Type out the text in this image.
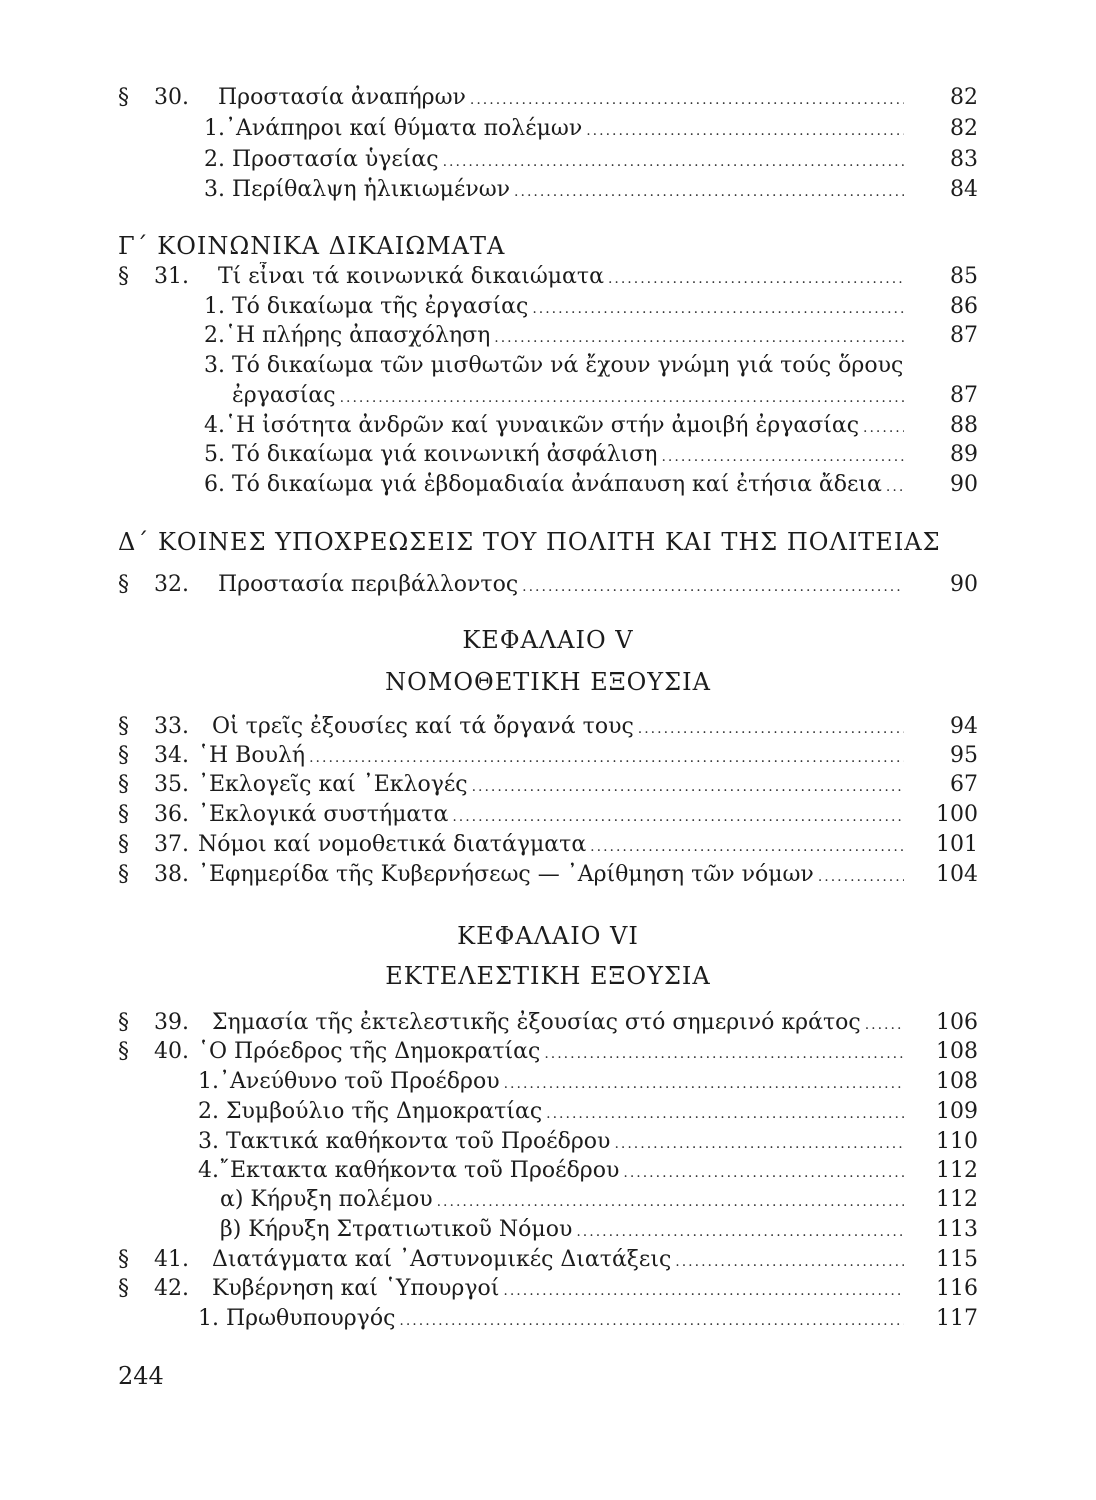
§ 30.	Προστασία ἀναπήρων .....	82
1.᾿Ανάπηροι καί θύματα πολέμων .....	82
2. Προστασία ὑγείας .....	83
3. Περίθαλψη ἡλικιωμένων .....	84
Γ΄ ΚΟΙΝΩΝΙΚΑ ΔΙΚΑΙΩΜΑΤΑ
§ 31.	Τί εἶναι τά κοινωνικά δικαιώματα .....	85
1. Τό δικαίωμα τῆς ἐργασίας .....	86
2.῾Η πλήρης ἀπασχόληση .....	87
3. Τό δικαίωμα τῶν μισθωτῶν νά ἔχουν γνώμη γιά τούς ὅρους
ἐργασίας .....	87
4.῾Η ἰσότητα ἀνδρῶν καί γυναικῶν στήν ἀμοιβή ἐργασίας .....	88
5. Τό δικαίωμα γιά κοινωνική ἀσφάλιση .....	89
6. Τό δικαίωμα γιά ἑβδομαδιαία ἀνάπαυση καί ἐτήσια ἄδεια .....	90
Δ΄ ΚΟΙΝΕΣ ΥΠΟΧΡΕΩΣΕΙΣ ΤΟΥ ΠΟΛΙΤΗ ΚΑΙ ΤΗΣ ΠΟΛΙΤΕΙΑΣ
§ 32.	Προστασία περιβάλλοντος .....	90
ΚΕΦΑΛΑΙΟ V
ΝΟΜΟΘΕΤΙΚΗ ΕΞΟΥΣΙΑ
§ 33.	Οἱ τρεῖς ἐξουσίες καί τά ὄργανά τους .....	94
§ 34. ῾Η Βουλή .....	95
§ 35. ᾿Εκλογεῖς καί ᾿Εκλογές .....	67
§ 36. ᾿Εκλογικά συστήματα .....	100
§ 37. Νόμοι καί νομοθετικά διατάγματα .....	101
§ 38. ᾿Εφημερίδα τῆς Κυβερνήσεως — ᾿Αρίθμηση τῶν νόμων .....	104
ΚΕΦΑΛΑΙΟ VI
ΕΚΤΕΛΕΣΤΙΚΗ ΕΞΟΥΣΙΑ
§ 39.	Σημασία τῆς ἐκτελεστικῆς ἐξουσίας στό σημερινό κράτος .....	106
§ 40. ῾Ο Πρόεδρος τῆς Δημοκρατίας .....	108
1.᾿Ανεύθυνο τοῦ Προέδρου .....	108
2. Συμβούλιο τῆς Δημοκρατίας .....	109
3. Τακτικά καθήκοντα τοῦ Προέδρου .....	110
4.῎Εκτακτα καθήκοντα τοῦ Προέδρου .....	112
α) Κήρυξη πολέμου .....	112
β) Κήρυξη Στρατιωτικοῦ Νόμου .....	113
§ 41.	Διατάγματα καί ᾿Αστυνομικές Διατάξεις .....	115
§ 42.	Κυβέρνηση καί ῾Υπουργοί .....	116
1. Πρωθυπουργός .....	117
244
